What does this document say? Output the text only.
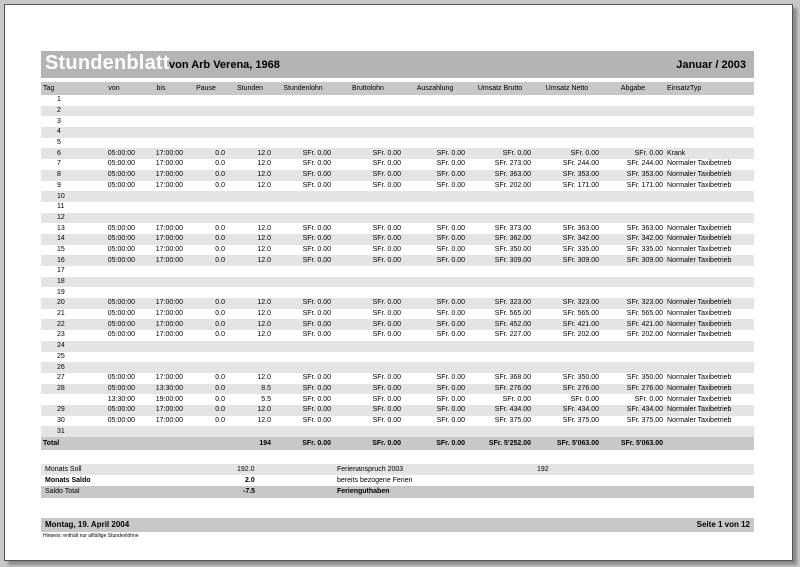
Stundenblatt von Arb Verena, 1968	Januar / 2003
Tag	von	bis	Pause	Stunden	Stundenlohn	Bruttolohn	Auszahlung	Umsatz Brutto	Umsatz Netto	Abgabe	EinsatzTyp
1											
2											
3											
4											
5											
6	05:00:00	17:00:00	0.0	12.0	SFr. 0.00	SFr. 0.00	SFr. 0.00	SFr. 0.00	SFr. 0.00	SFr. 0.00	Krank
7	05:00:00	17:00:00	0.0	12.0	SFr. 0.00	SFr. 0.00	SFr. 0.00	SFr. 273.00	SFr. 244.00	SFr. 244.00	Normaler Taxibetrieb
8	05:00:00	17:00:00	0.0	12.0	SFr. 0.00	SFr. 0.00	SFr. 0.00	SFr. 363.00	SFr. 353.00	SFr. 353.00	Normaler Taxibetrieb
9	05:00:00	17:00:00	0.0	12.0	SFr. 0.00	SFr. 0.00	SFr. 0.00	SFr. 202.00	SFr. 171.00	SFr. 171.00	Normaler Taxibetrieb
10											
11											
12											
13	05:00:00	17:00:00	0.0	12.0	SFr. 0.00	SFr. 0.00	SFr. 0.00	SFr. 373.00	SFr. 363.00	SFr. 363.00	Normaler Taxibetrieb
14	05:00:00	17:00:00	0.0	12.0	SFr. 0.00	SFr. 0.00	SFr. 0.00	SFr. 362.00	SFr. 342.00	SFr. 342.00	Normaler Taxibetrieb
15	05:00:00	17:00:00	0.0	12.0	SFr. 0.00	SFr. 0.00	SFr. 0.00	SFr. 350.00	SFr. 335.00	SFr. 335.00	Normaler Taxibetrieb
16	05:00:00	17:00:00	0.0	12.0	SFr. 0.00	SFr. 0.00	SFr. 0.00	SFr. 309.00	SFr. 309.00	SFr. 309.00	Normaler Taxibetrieb
17											
18											
19											
20	05:00:00	17:00:00	0.0	12.0	SFr. 0.00	SFr. 0.00	SFr. 0.00	SFr. 323.00	SFr. 323.00	SFr. 323.00	Normaler Taxibetrieb
21	05:00:00	17:00:00	0.0	12.0	SFr. 0.00	SFr. 0.00	SFr. 0.00	SFr. 565.00	SFr. 565.00	SFr. 565.00	Normaler Taxibetrieb
22	05:00:00	17:00:00	0.0	12.0	SFr. 0.00	SFr. 0.00	SFr. 0.00	SFr. 452.00	SFr. 421.00	SFr. 421.00	Normaler Taxibetrieb
23	05:00:00	17:00:00	0.0	12.0	SFr. 0.00	SFr. 0.00	SFr. 0.00	SFr. 227.00	SFr. 202.00	SFr. 202.00	Normaler Taxibetrieb
24											
25											
26											
27	05:00:00	17:00:00	0.0	12.0	SFr. 0.00	SFr. 0.00	SFr. 0.00	SFr. 368.00	SFr. 350.00	SFr. 350.00	Normaler Taxibetrieb
28	05:00:00	13:30:00	0.0	8.5	SFr. 0.00	SFr. 0.00	SFr. 0.00	SFr. 276.00	SFr. 276.00	SFr. 276.00	Normaler Taxibetrieb
	13:30:00	19:00:00	0.0	5.5	SFr. 0.00	SFr. 0.00	SFr. 0.00	SFr. 0.00	SFr. 0.00	SFr. 0.00	Normaler Taxibetrieb
29	05:00:00	17:00:00	0.0	12.0	SFr. 0.00	SFr. 0.00	SFr. 0.00	SFr. 434.00	SFr. 434.00	SFr. 434.00	Normaler Taxibetrieb
30	05:00:00	17:00:00	0.0	12.0	SFr. 0.00	SFr. 0.00	SFr. 0.00	SFr. 375.00	SFr. 375.00	SFr. 375.00	Normaler Taxibetrieb
31											
Total				194	SFr. 0.00	SFr. 0.00	SFr. 0.00	SFr. 5'252.00	SFr. 5'063.00	SFr. 5'063.00	
Monats Soll	192.0	Ferienanspruch 2003	192
Monats Saldo	2.0	bereits bezogene Ferien
Saldo Total	-7.5	Ferienguthaben
Montag, 19. April 2004	Seite 1 von 12
Hinweis: enthält nur allfällige Stundenlöhne
